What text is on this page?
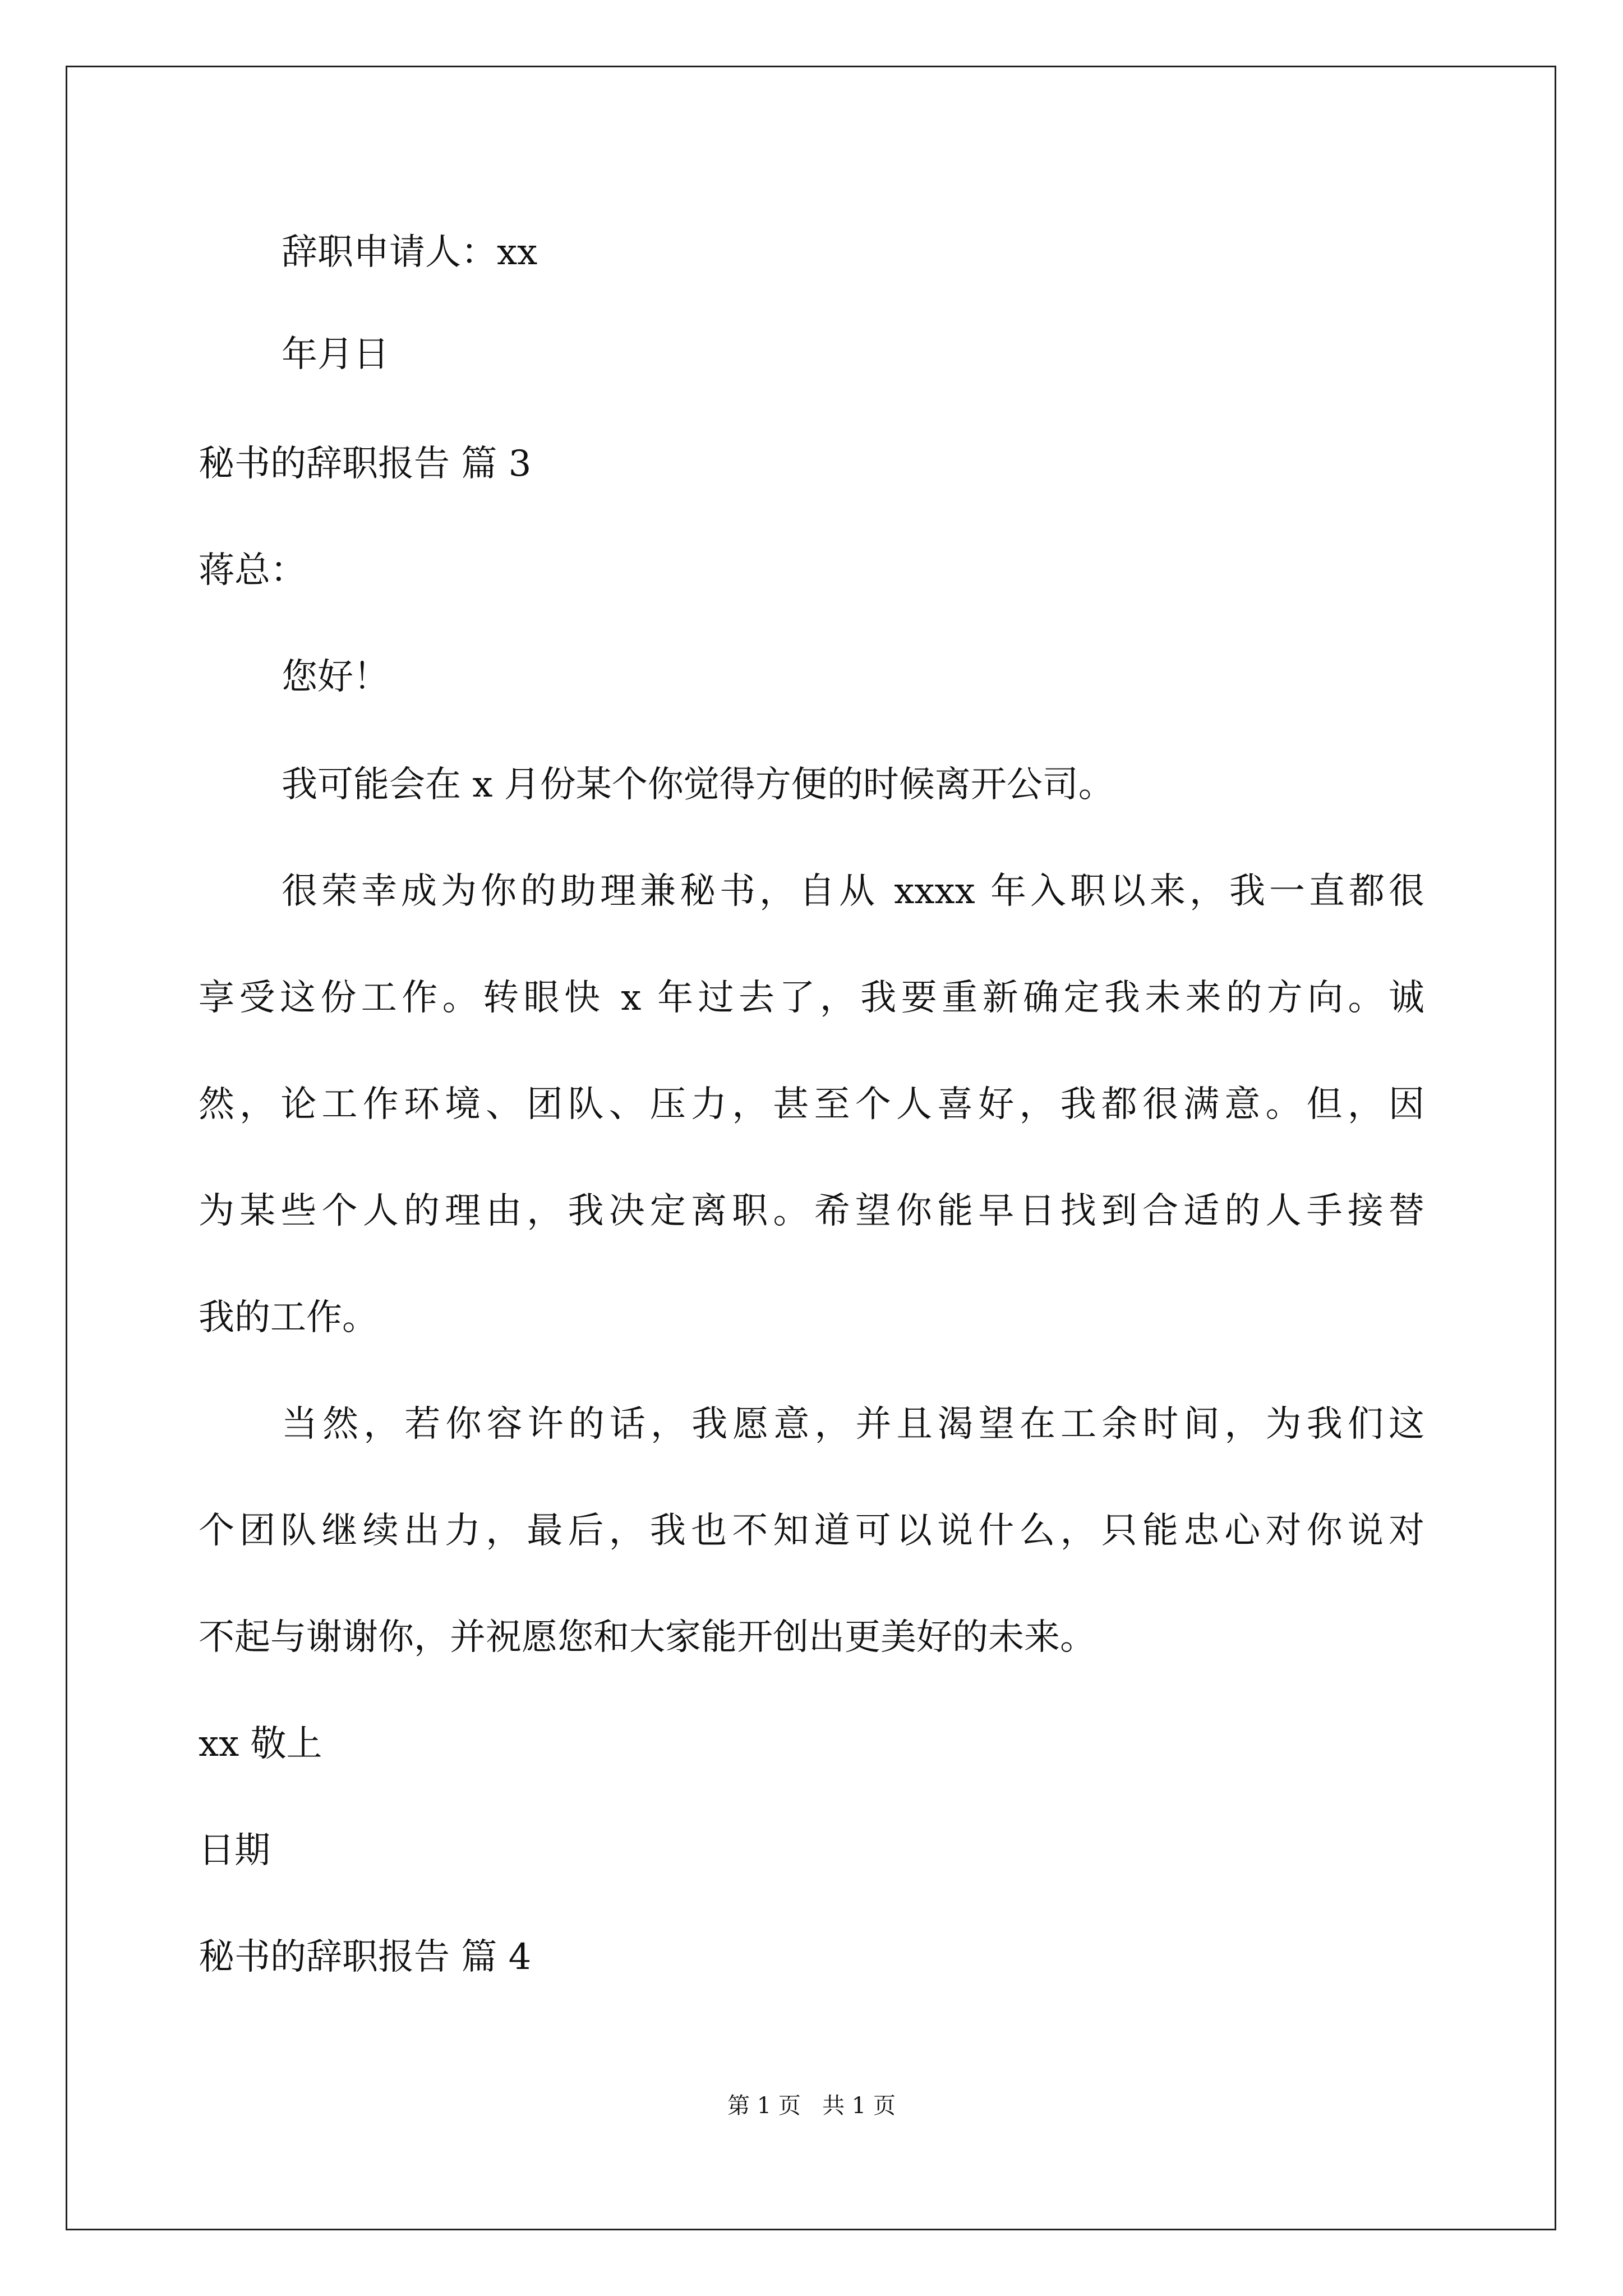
辞职申请人：xx
年月日
秘书的辞职报告 篇 3
蒋总：
您好！
我可能会在 x 月份某个你觉得方便的时候离开公司。
很荣幸成为你的助理兼秘书，自从 xxxx 年入职以来，我一直都很
享受这份工作。转眼快 x 年过去了，我要重新确定我未来的方向。诚
然，论工作环境、团队、压力，甚至个人喜好，我都很满意。但，因
为某些个人的理由，我决定离职。希望你能早日找到合适的人手接替
我的工作。
当然，若你容许的话，我愿意，并且渴望在工余时间，为我们这
个团队继续出力，最后，我也不知道可以说什么，只能忠心对你说对
不起与谢谢你，并祝愿您和大家能开创出更美好的未来。
xx 敬上
日期
秘书的辞职报告 篇 4
第 1 页   共 1 页
